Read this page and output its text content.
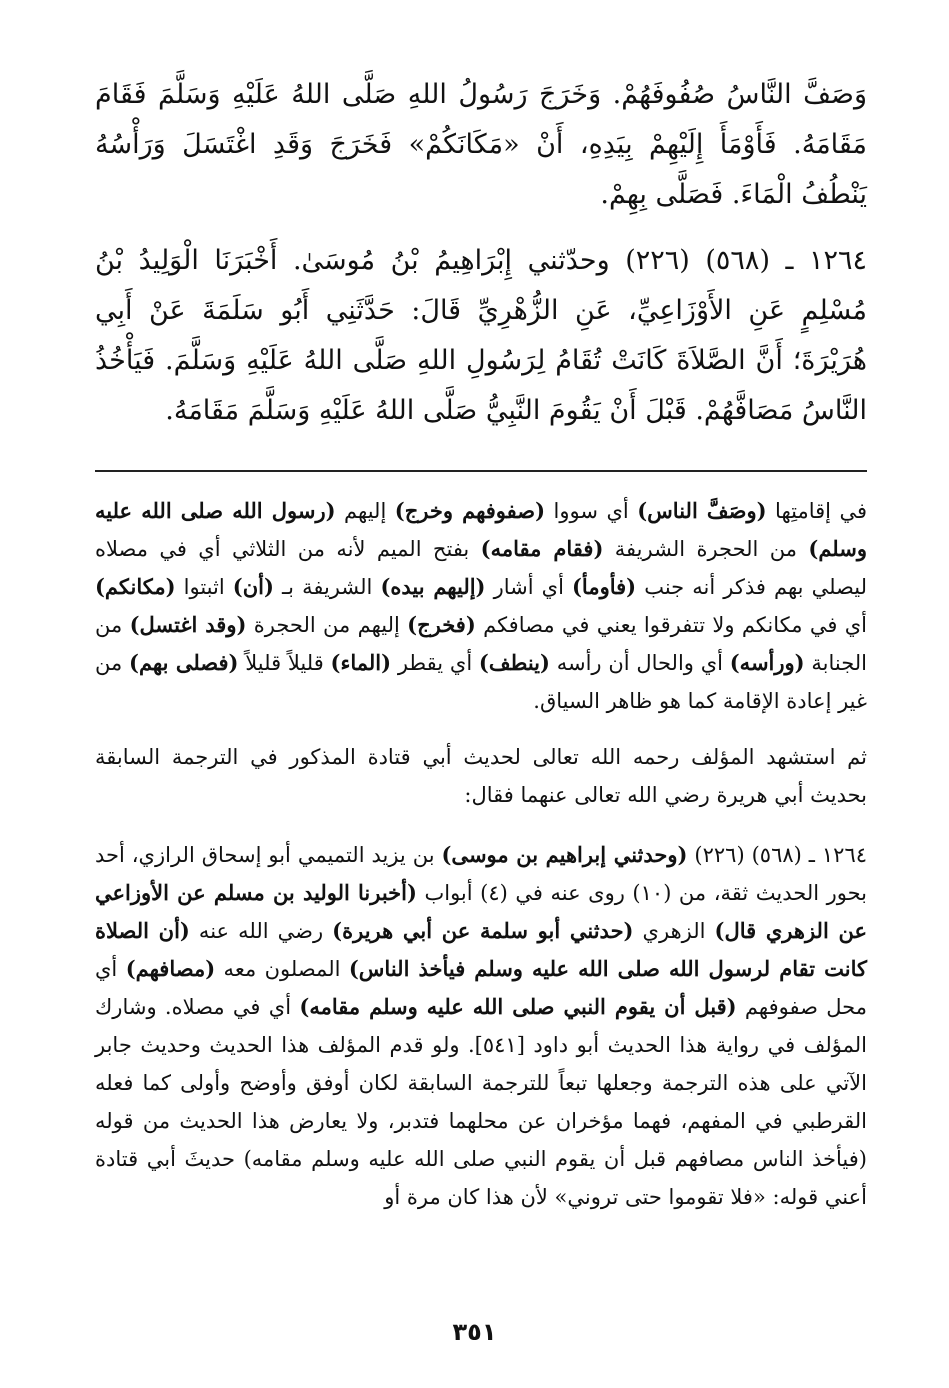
وَصَفَّ النَّاسُ صُفُوفَهُمْ. وَخَرَجَ رَسُولُ اللهِ صَلَّى اللهُ عَلَيْهِ وَسَلَّمَ فَقَامَ مَقَامَهُ. فَأَوْمَأَ إِلَيْهِمْ بِيَدِهِ، أَنْ «مَكَانَكُمْ» فَخَرَجَ وَقَدِ اغْتَسَلَ وَرَأْسُهُ يَنْطُفُ الْمَاءَ. فَصَلَّى بِهِمْ.

١٢٦٤ ـ (٥٦٨) (٢٢٦) وحدّثني إِبْرَاهِيمُ بْنُ مُوسَىٰ. أَخْبَرَنَا الْوَلِيدُ بْنُ مُسْلِمٍ عَنِ الأَوْزَاعِيِّ، عَنِ الزُّهْرِيِّ قَالَ: حَدَّثَنِي أَبُو سَلَمَةَ عَنْ أَبِي هُرَيْرَةَ؛ أَنَّ الصَّلاَةَ كَانَتْ تُقَامُ لِرَسُولِ اللهِ صَلَّى اللهُ عَلَيْهِ وَسَلَّمَ. فَيَأْخُذُ النَّاسُ مَصَافَّهُمْ. قَبْلَ أَنْ يَقُومَ النَّبِيُّ صَلَّى اللهُ عَلَيْهِ وَسَلَّمَ مَقَامَهُ.

في إقامتِها (وصَفَّ الناس) أي سووا (صفوفهم وخرج) إليهم (رسول الله صلى الله عليه وسلم) من الحجرة الشريفة (فقام مقامه) بفتح الميم لأنه من الثلاثي أي في مصلاه ليصلي بهم فذكر أنه جنب (فأومأ) أي أشار (إليهم بيده) الشريفة بـ (أن) اثبتوا (مكانكم) أي في مكانكم ولا تتفرقوا يعني في مصافكم (فخرج) إليهم من الحجرة (وقد اغتسل) من الجنابة (ورأسه) أي والحال أن رأسه (ينطف) أي يقطر (الماء) قليلاً قليلاً (فصلى بهم) من غير إعادة الإقامة كما هو ظاهر السياق.

ثم استشهد المؤلف رحمه الله تعالى لحديث أبي قتادة المذكور في الترجمة السابقة بحديث أبي هريرة رضي الله تعالى عنهما فقال:

١٢٦٤ ـ (٥٦٨) (٢٢٦) (وحدثني إبراهيم بن موسى) بن يزيد التميمي أبو إسحاق الرازي، أحد بحور الحديث ثقة، من (١٠) روى عنه في (٤) أبواب (أخبرنا الوليد بن مسلم عن الأوزاعي عن الزهري قال) الزهري (حدثني أبو سلمة عن أبي هريرة) رضي الله عنه (أن الصلاة كانت تقام لرسول الله صلى الله عليه وسلم فيأخذ الناس) المصلون معه (مصافهم) أي محل صفوفهم (قبل أن يقوم النبي صلى الله عليه وسلم مقامه) أي في مصلاه. وشارك المؤلف في رواية هذا الحديث أبو داود [٥٤١]. ولو قدم المؤلف هذا الحديث وحديث جابر الآتي على هذه الترجمة وجعلها تبعاً للترجمة السابقة لكان أوفق وأوضح وأولى كما فعله القرطبي في المفهم، فهما مؤخران عن محلهما فتدبر، ولا يعارض هذا الحديث من قوله (فيأخذ الناس مصافهم قبل أن يقوم النبي صلى الله عليه وسلم مقامه) حديثَ أبي قتادة أعني قوله: «فلا تقوموا حتى تروني» لأن هذا كان مرة أو

٣٥١
